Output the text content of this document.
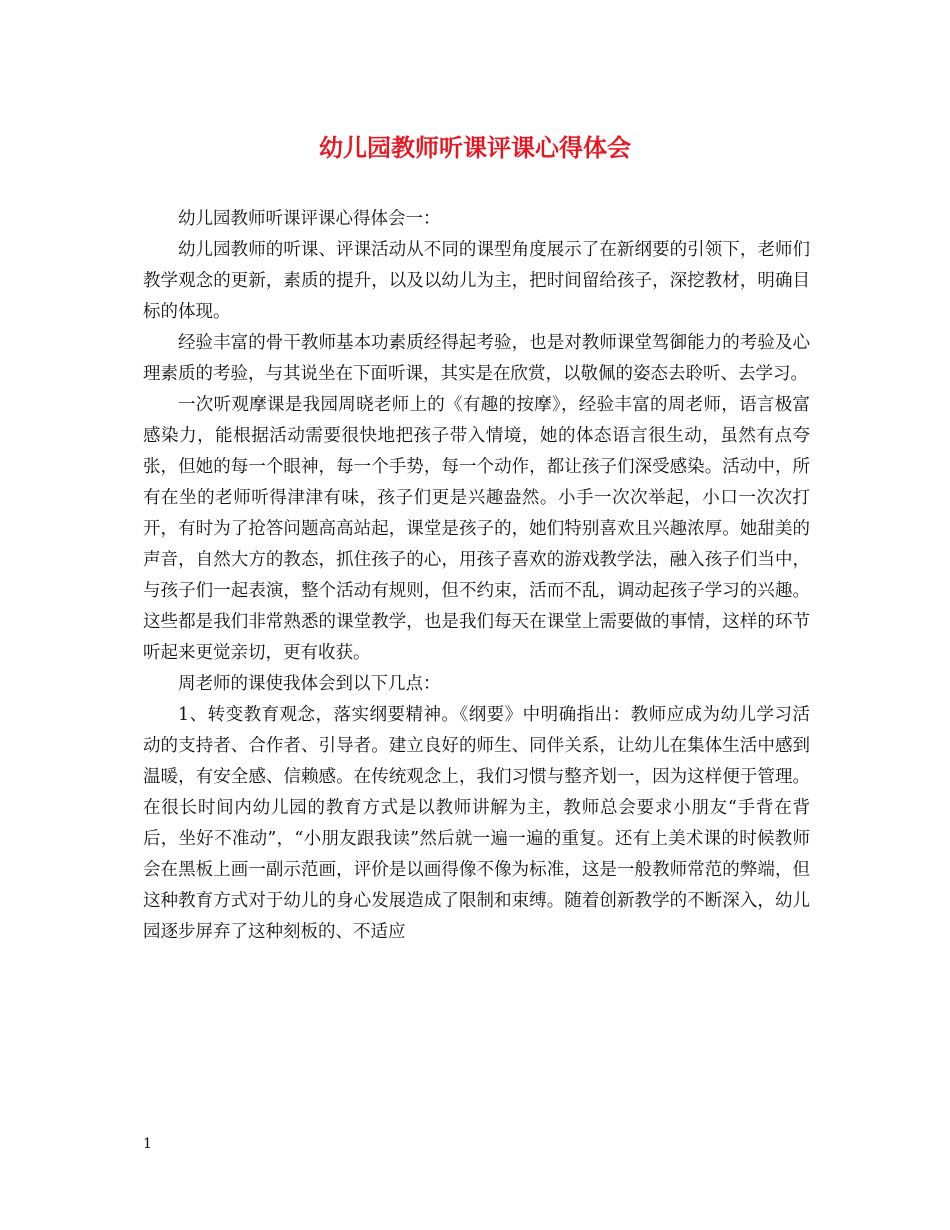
幼儿园教师听课评课心得体会

幼儿园教师听课评课心得体会一：

幼儿园教师的听课、评课活动从不同的课型角度展示了在新纲要的引领下，老师们教学观念的更新，素质的提升，以及以幼儿为主，把时间留给孩子，深挖教材，明确目标的体现。

经验丰富的骨干教师基本功素质经得起考验，也是对教师课堂驾御能力的考验及心理素质的考验，与其说坐在下面听课，其实是在欣赏，以敬佩的姿态去聆听、去学习。

一次听观摩课是我园周晓老师上的《有趣的按摩》，经验丰富的周老师，语言极富感染力，能根据活动需要很快地把孩子带入情境，她的体态语言很生动，虽然有点夸张，但她的每一个眼神，每一个手势，每一个动作，都让孩子们深受感染。活动中，所有在坐的老师听得津津有味，孩子们更是兴趣盎然。小手一次次举起，小口一次次打开，有时为了抢答问题高高站起，课堂是孩子的，她们特别喜欢且兴趣浓厚。她甜美的声音，自然大方的教态，抓住孩子的心，用孩子喜欢的游戏教学法，融入孩子们当中，与孩子们一起表演，整个活动有规则，但不约束，活而不乱，调动起孩子学习的兴趣。这些都是我们非常熟悉的课堂教学，也是我们每天在课堂上需要做的事情，这样的环节听起来更觉亲切，更有收获。

周老师的课使我体会到以下几点：

1、转变教育观念，落实纲要精神。《纲要》中明确指出：教师应成为幼儿学习活动的支持者、合作者、引导者。建立良好的师生、同伴关系，让幼儿在集体生活中感到温暖，有安全感、信赖感。在传统观念上，我们习惯与整齐划一，因为这样便于管理。在很长时间内幼儿园的教育方式是以教师讲解为主，教师总会要求小朋友“手背在背后，坐好不准动”，“小朋友跟我读”然后就一遍一遍的重复。还有上美术课的时候教师会在黑板上画一副示范画，评价是以画得像不像为标准，这是一般教师常范的弊端，但这种教育方式对于幼儿的身心发展造成了限制和束缚。随着创新教学的不断深入，幼儿园逐步屏弃了这种刻板的、不适应

1
